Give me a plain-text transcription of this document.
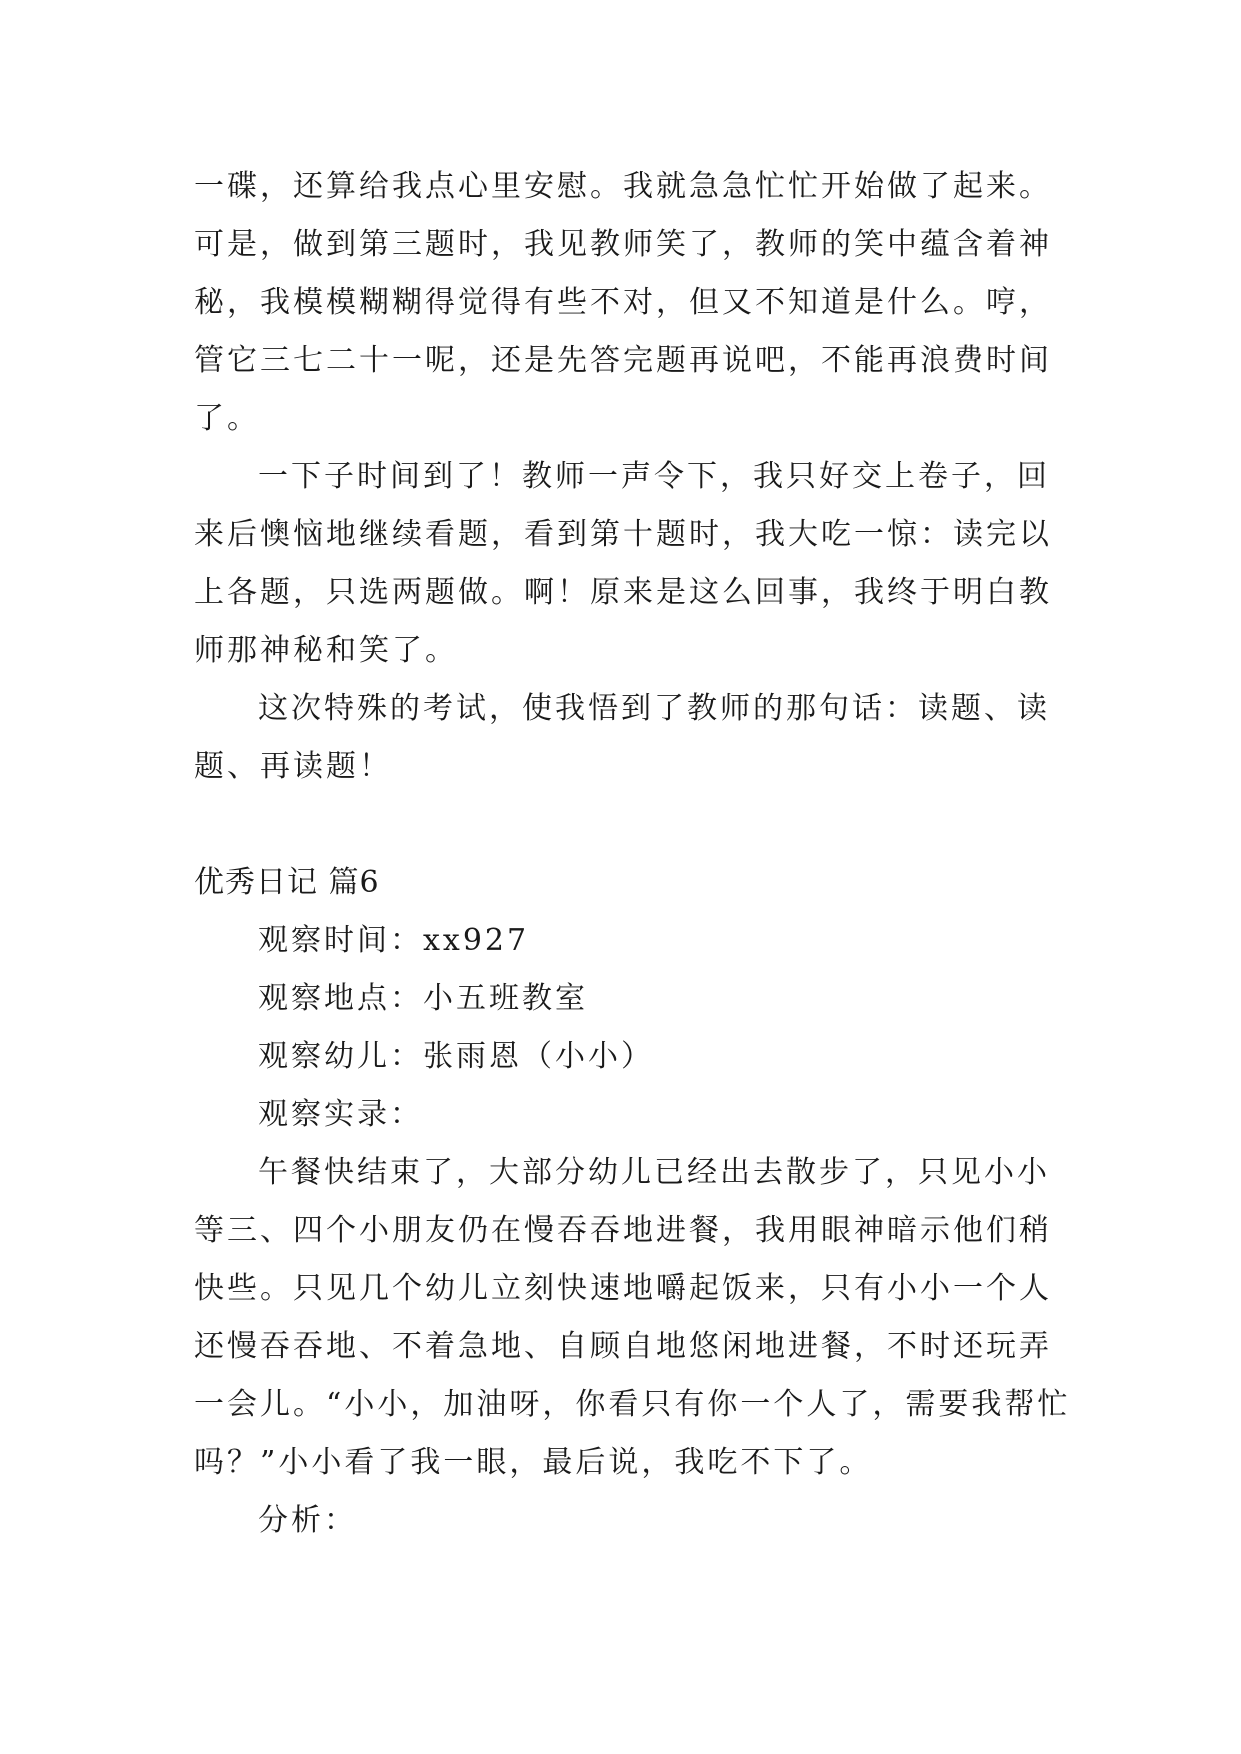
一碟，还算给我点心里安慰。我就急急忙忙开始做了起来。可是，做到第三题时，我见教师笑了，教师的笑中蕴含着神秘，我模模糊糊得觉得有些不对，但又不知道是什么。哼，管它三七二十一呢，还是先答完题再说吧，不能再浪费时间了。

一下子时间到了！教师一声令下，我只好交上卷子，回来后懊恼地继续看题，看到第十题时，我大吃一惊：读完以上各题，只选两题做。啊！原来是这么回事，我终于明白教师那神秘和笑了。

这次特殊的考试，使我悟到了教师的那句话：读题、读题、再读题！

优秀日记 篇6

观察时间：xx927

观察地点：小五班教室

观察幼儿：张雨恩（小小）

观察实录：

午餐快结束了，大部分幼儿已经出去散步了，只见小小等三、四个小朋友仍在慢吞吞地进餐，我用眼神暗示他们稍快些。只见几个幼儿立刻快速地嚼起饭来，只有小小一个人还慢吞吞地、不着急地、自顾自地悠闲地进餐，不时还玩弄一会儿。“小小，加油呀，你看只有你一个人了，需要我帮忙吗？”小小看了我一眼，最后说，我吃不下了。

分析：
